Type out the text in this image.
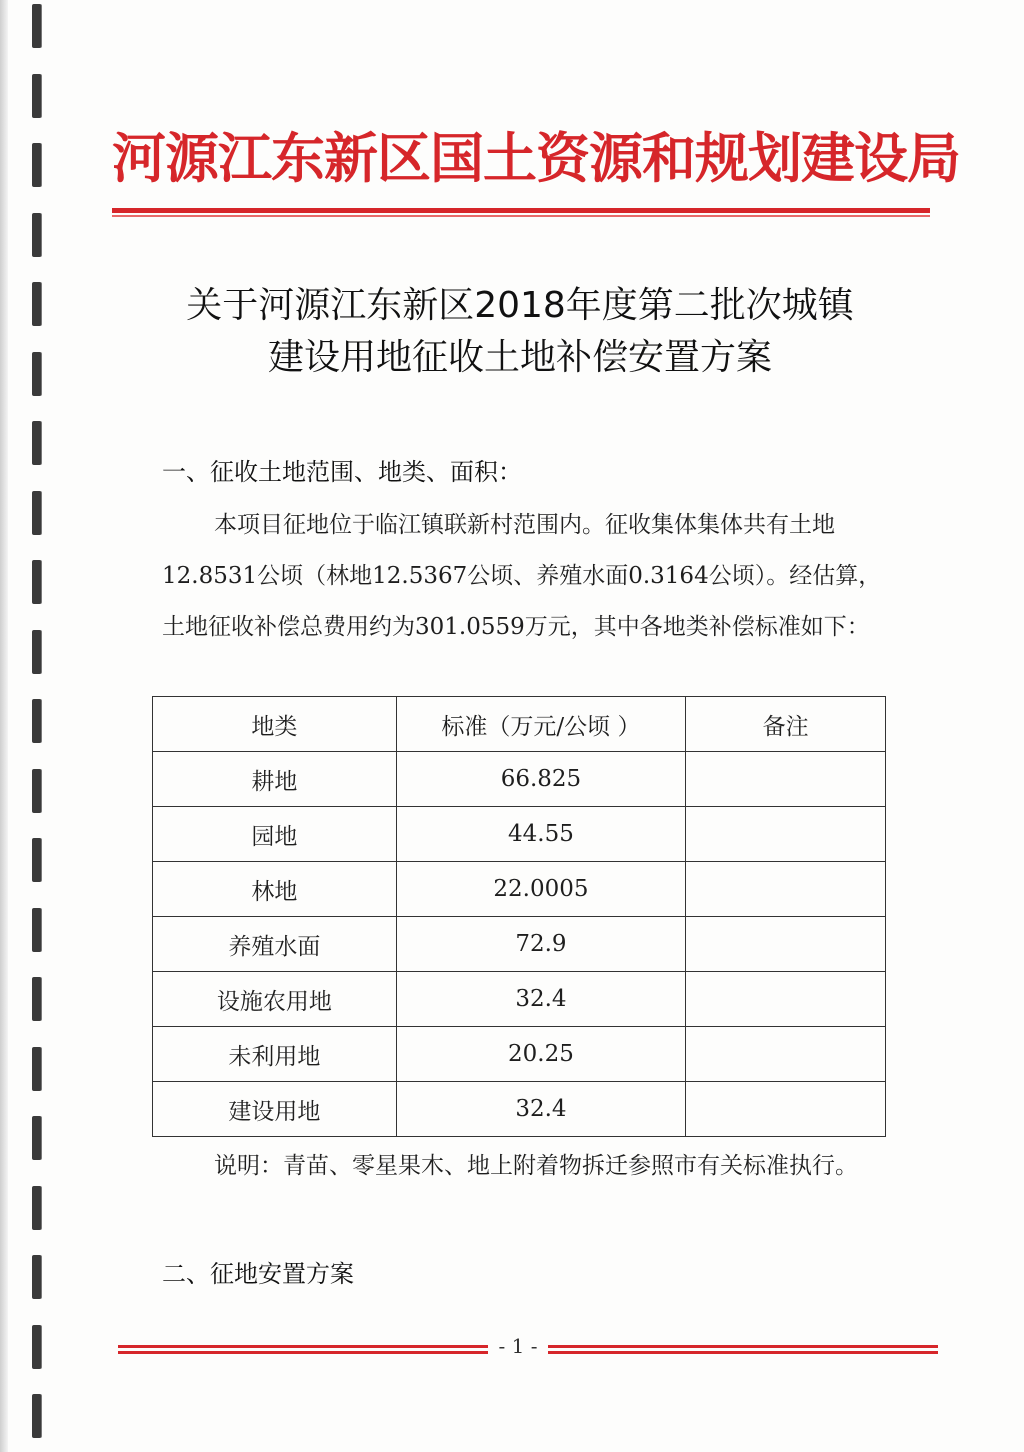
河源江东新区国土资源和规划建设局
关于河源江东新区2018年度第二批次城镇
建设用地征收土地补偿安置方案
一、征收土地范围、地类、面积：
本项目征地位于临江镇联新村范围内。征收集体集体共有土地12.8531公顷（林地12.5367公顷、养殖水面0.3164公顷）。经估算，土地征收补偿总费用约为301.0559万元，其中各地类补偿标准如下：
地类	标准（万元/公顷 ）	备注
耕地	66.825	
园地	44.55	
林地	22.0005	
养殖水面	72.9	
设施农用地	32.4	
未利用地	20.25	
建设用地	32.4	
说明：青苗、零星果木、地上附着物拆迁参照市有关标准执行。
二、征地安置方案
- 1 -
